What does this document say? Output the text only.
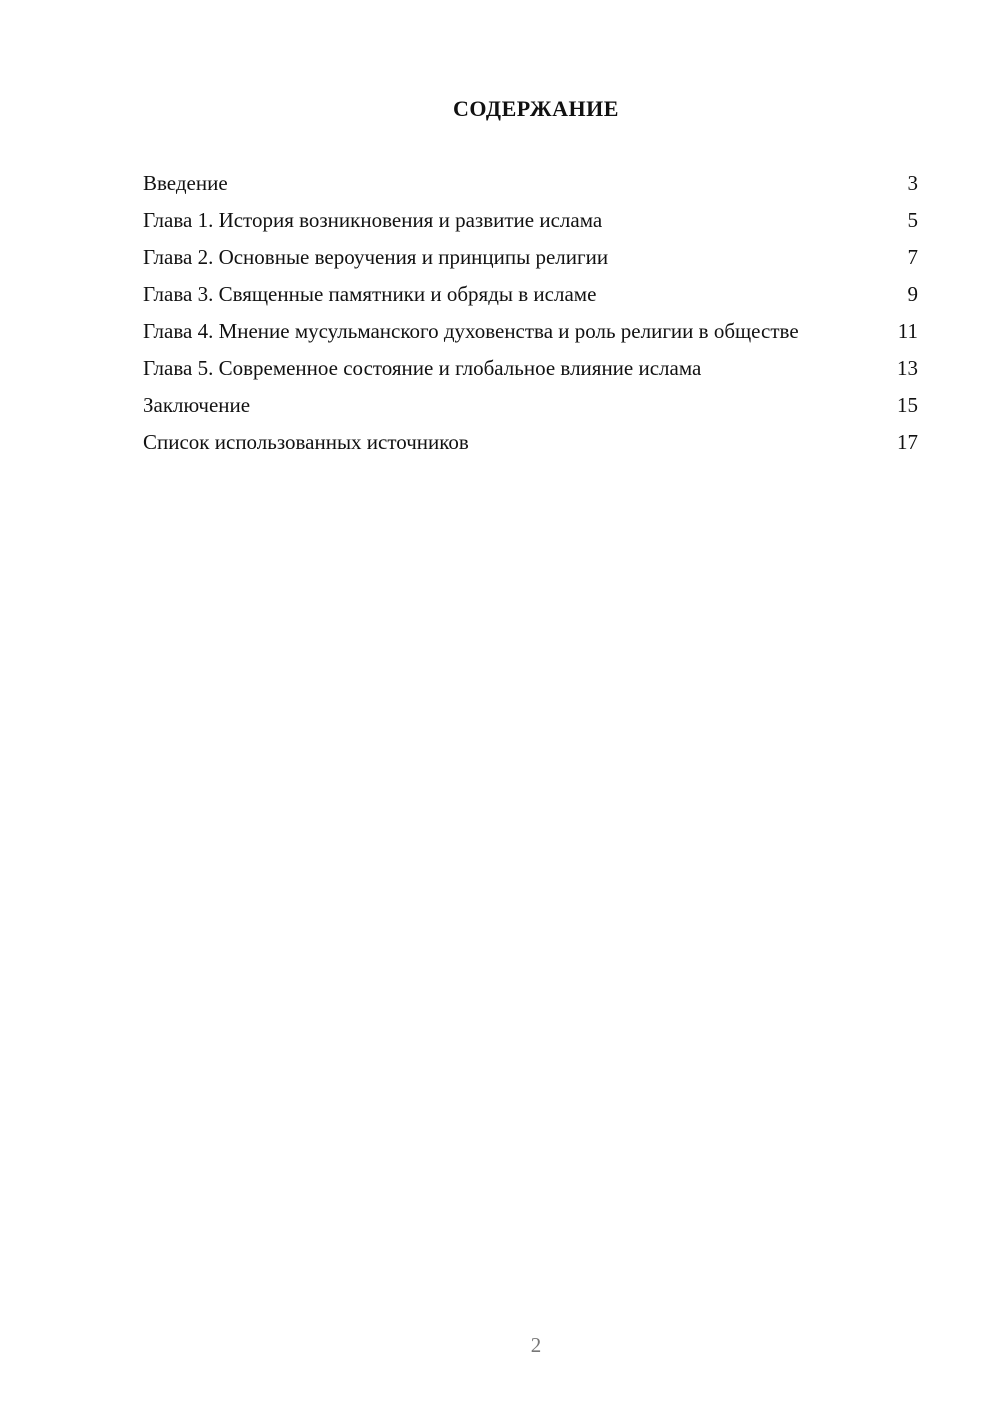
СОДЕРЖАНИЕ
Введение	3
Глава 1. История возникновения и развитие ислама	5
Глава 2. Основные вероучения и принципы религии	7
Глава 3. Священные памятники и обряды в исламе	9
Глава 4. Мнение мусульманского духовенства и роль религии в обществе	11
Глава 5. Современное состояние и глобальное влияние ислама	13
Заключение	15
Список использованных источников	17
2
